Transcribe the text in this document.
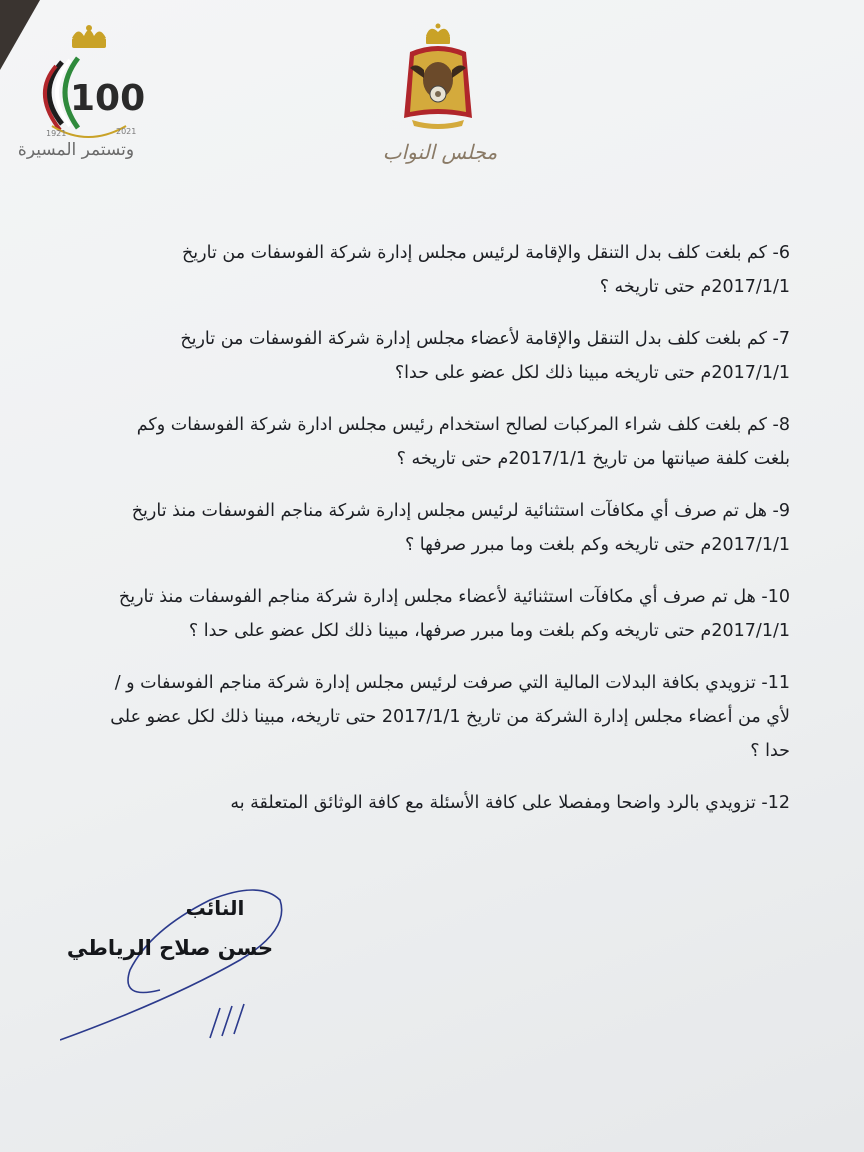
100
1921	2021
وتستمر المسيرة	مجلس النواب
6- كم بلغت كلف بدل التنقل والإقامة لرئيس مجلس إدارة شركة الفوسفات من تاريخ 2017/1/1م حتى تاريخه ؟
7- كم بلغت كلف بدل التنقل والإقامة لأعضاء مجلس إدارة شركة الفوسفات من تاريخ 2017/1/1م حتى تاريخه مبينا ذلك لكل عضو على حدا؟
8- كم بلغت كلف شراء المركبات لصالح استخدام رئيس مجلس ادارة شركة الفوسفات وكم بلغت كلفة صيانتها من تاريخ 2017/1/1م حتى تاريخه ؟
9- هل تم صرف أي مكافآت استثنائية لرئيس مجلس إدارة شركة مناجم الفوسفات منذ تاريخ 2017/1/1م حتى تاريخه وكم بلغت وما مبرر صرفها ؟
10- هل تم صرف أي مكافآت استثنائية لأعضاء مجلس إدارة شركة مناجم الفوسفات منذ تاريخ 2017/1/1م حتى تاريخه وكم بلغت وما مبرر صرفها، مبينا ذلك لكل عضو على حدا ؟
11- تزويدي بكافة البدلات المالية التي صرفت لرئيس مجلس إدارة شركة مناجم الفوسفات و / لأي من أعضاء مجلس إدارة الشركة من تاريخ 2017/1/1 حتى تاريخه، مبينا ذلك لكل عضو على حدا ؟
12- تزويدي بالرد واضحا ومفصلا على كافة الأسئلة مع كافة الوثائق المتعلقة به
النائب
حسن صلاح الرياطي
